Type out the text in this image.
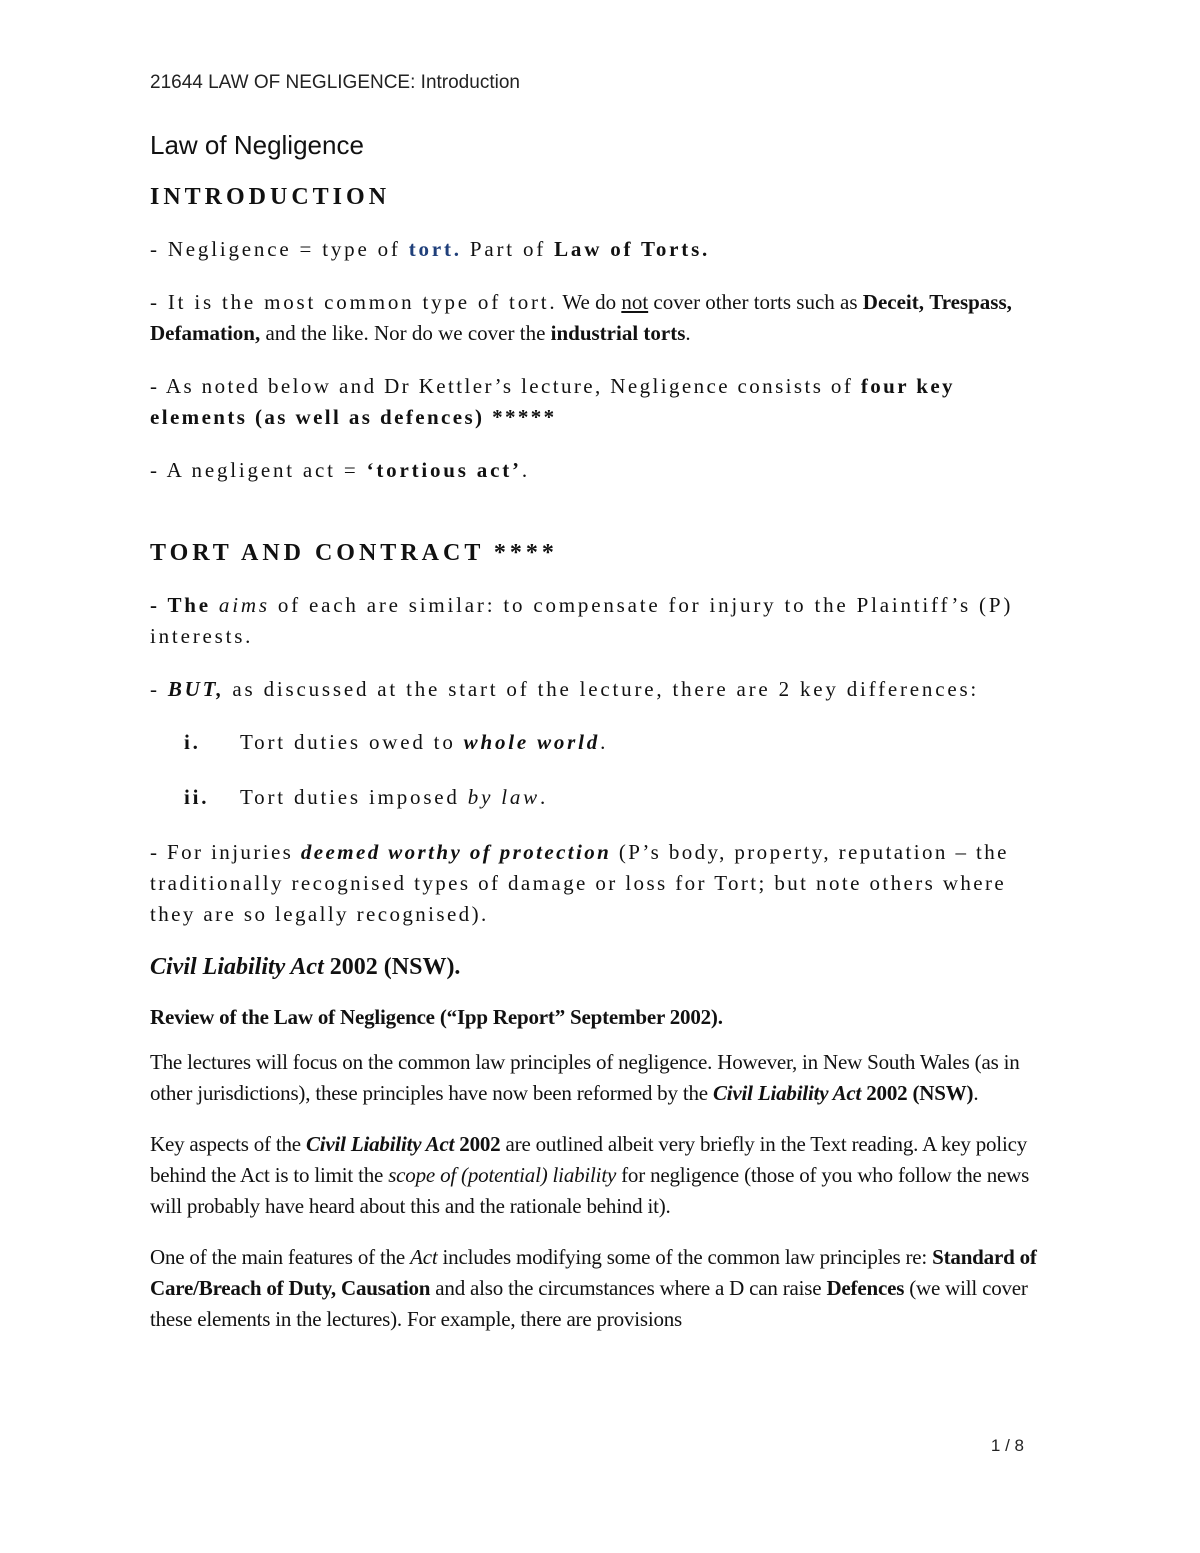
21644 LAW OF NEGLIGENCE: Introduction
Law of Negligence
INTRODUCTION

- Negligence = type of tort. Part of Law of Torts.

- It is the most common type of tort. We do not cover other torts such as Deceit, Trespass, Defamation, and the like. Nor do we cover the industrial torts.

- As noted below and Dr Kettler’s lecture, Negligence consists of four key elements (as well as defences) *****

- A negligent act = ‘tortious act’.

TORT AND CONTRACT ****

- The aims of each are similar: to compensate for injury to the Plaintiff’s (P) interests.

- BUT, as discussed at the start of the lecture, there are 2 key differences:

i.	Tort duties owed to whole world.
ii.	Tort duties imposed by law.

- For injuries deemed worthy of protection (P’s body, property, reputation – the traditionally recognised types of damage or loss for Tort; but note others where they are so legally recognised).

Civil Liability Act 2002 (NSW).

Review of the Law of Negligence (“Ipp Report” September 2002).

The lectures will focus on the common law principles of negligence. However, in New South Wales (as in other jurisdictions), these principles have now been reformed by the Civil Liability Act 2002 (NSW).

Key aspects of the Civil Liability Act 2002 are outlined albeit very briefly in the Text reading. A key policy behind the Act is to limit the scope of (potential) liability for negligence (those of you who follow the news will probably have heard about this and the rationale behind it).

One of the main features of the Act includes modifying some of the common law principles re: Standard of Care/Breach of Duty, Causation and also the circumstances where a D can raise Defences (we will cover these elements in the lectures). For example, there are provisions

1 / 8
